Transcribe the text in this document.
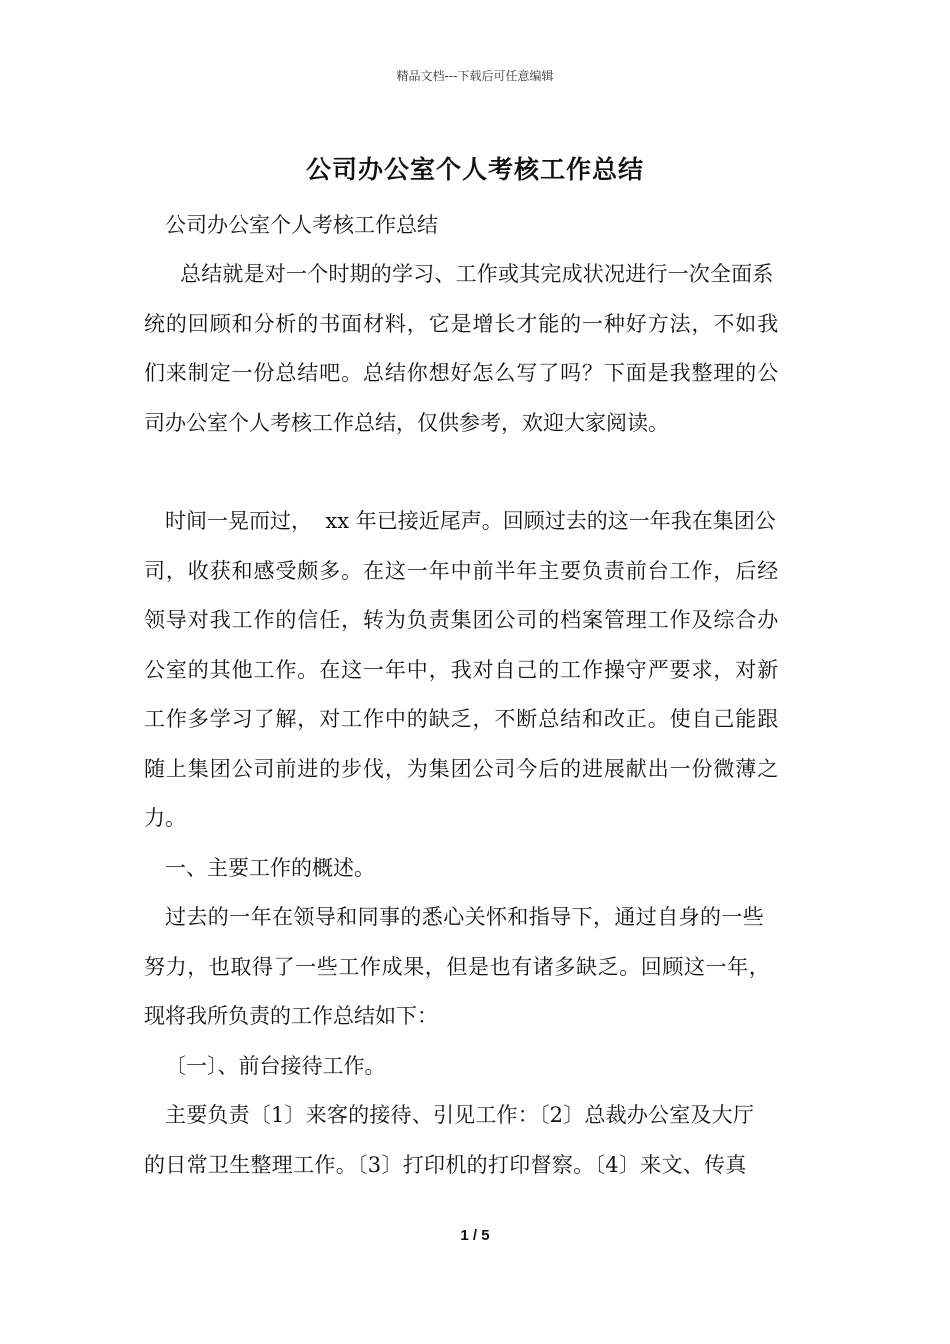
精品文档---下载后可任意编辑
公司办公室个人考核工作总结
公司办公室个人考核工作总结
总结就是对一个时期的学习、工作或其完成状况进行一次全面系
统的回顾和分析的书面材料，它是增长才能的一种好方法，不如我
们来制定一份总结吧。总结你想好怎么写了吗？下面是我整理的公
司办公室个人考核工作总结，仅供参考，欢迎大家阅读。
时间一晃而过，  xx 年已接近尾声。回顾过去的这一年我在集团公
司，收获和感受颇多。在这一年中前半年主要负责前台工作，后经
领导对我工作的信任，转为负责集团公司的档案管理工作及综合办
公室的其他工作。在这一年中，我对自己的工作操守严要求，对新
工作多学习了解，对工作中的缺乏，不断总结和改正。使自己能跟
随上集团公司前进的步伐，为集团公司今后的进展献出一份微薄之
力。
一、主要工作的概述。
过去的一年在领导和同事的悉心关怀和指导下，通过自身的一些
努力，也取得了一些工作成果，但是也有诸多缺乏。回顾这一年，
现将我所负责的工作总结如下：
〔一〕、前台接待工作。
主要负责〔1〕来客的接待、引见工作：〔2〕总裁办公室及大厅
的日常卫生整理工作。〔3〕打印机的打印督察。〔4〕来文、传真
1 / 5
